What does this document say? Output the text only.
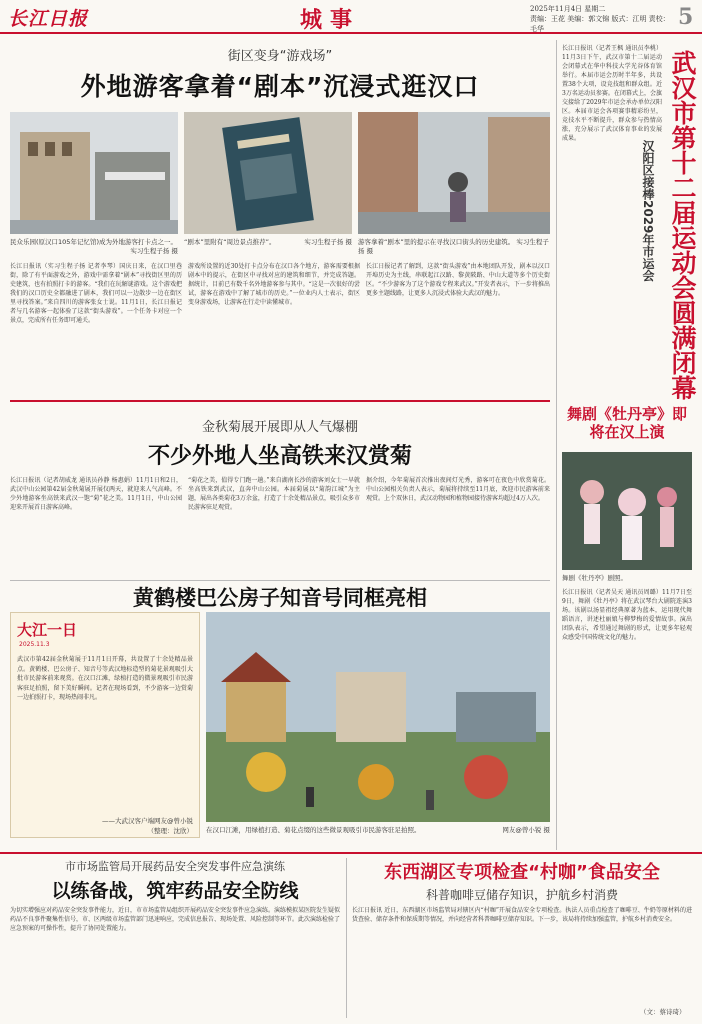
长江日报	城事	2025年11月4日 星期二
责编：王花 美编：郭文锦 版式：江明 责校：毛华	5
街区变身“游戏场”
外地游客拿着“剧本”沉浸式逛汉口
民众乐园(原汉口105年记忆馆)成为外地游客打卡点之一。
实习生程子扬 摄
“剧本”里附有“周边景点推荐”。	实习生程子扬 摄 游客拿着“剧本”里的提示在寻找汉口街头的历史建筑。 实习生程子扬 摄
长江日报讯（实习生程子扬 记者李琴）国庆日来，在汉口里巷街，除了有平面游戏之外，游戏中需拿着“剧本”寻找街区里的历史建筑，也有拍照打卡的游客。“我们在玩解谜游戏。这个游戏把我们的汉口历史全都融进了剧本，我们可以一边散步一边在街区里寻找答案。”来自四川的游客张女士说。11月1日，长江日报记者与几名游客一起体验了这款“街头游戏”。一个任务卡对应一个景点，完成所有任务即可通关。
游戏所设置的近30处打卡点分布在汉口各个地方，游客需要根据剧本中的提示，在街区中寻找对应的建筑和细节，并完成答题。据统计，目前已有数千名外地游客参与其中。“这是一次很好的尝试，游客在游戏中了解了城市的历史。”一位业内人士表示，街区变身游戏场，让游客在行走中读懂城市。
长江日报记者了解到，这款“街头游戏”由本地团队开发，剧本以汉口开埠历史为主线，串联起江汉路、黎黄陂路、中山大道等多个历史街区。“不少游客为了这个游戏专程来武汉。”开发者表示，下一步将推出更多主题线路，让更多人沉浸式体验大武汉的魅力。
金秋菊展开展即从人气爆棚
不少外地人坐高铁来汉赏菊
长江日报讯（记者胡威龙 通讯员孙静 杨惠娟）11月1日和2日，武汉中山公园第42届金秋菊展开展仅两天，就迎来人气高峰。不少外地游客坐高铁来武汉一饱“菊”花之美。11月1日，中山公园迎来开展首日游客高峰。
“菊花之美，值得专门跑一趟。”来自湖南长沙的游客刘女士一早就坐高铁来到武汉，直奔中山公园。本届菊展以“菊韵江城”为主题，展出各类菊花3万余盆，打造了十余处精品景点，吸引众多市民游客驻足观赏。
据介绍，今年菊展首次推出夜间灯光秀，游客可在夜色中欣赏菊花。中山公园相关负责人表示，菊展将持续至11月底，欢迎市民游客前来观赏。上个双休日，武汉动物园和植物园接待游客均超过4万人次。
黄鹤楼巴公房子知音号同框亮相
大江一日
2025.11.3
武汉市第42届金秋菊展于11月1日开幕，共设置了十余处精品景点。黄鹤楼、巴公房子、知音号等武汉地标造型的菊花景观吸引大批市民游客前来观赏。在汉口江滩，绿植打造的微景观吸引市民游客驻足拍照，留下美好瞬间。记者在现场看到，不少游客一边赏菊一边拍照打卡，现场热闹非凡。
——大武汉客户端网友@曾小锐
（整理：沈欣） 在汉口江滩，用绿植打造、菊花点缀的这些微景观吸引市民游客驻足拍照。	网友@曾小锐 摄
长江日报讯（记者王枫 通讯员李桃）11月3日下午，武汉市第十二届运动会闭幕式在华中科技大学光谷体育馆举行。本届市运会历时半年多，共设置38个大项，设竞技组和群众组。近3万名运动员参赛。在闭幕式上，会旗交接给了2029年市运会承办单位汉阳区。本届市运会各项赛事精彩纷呈，竞技水平不断提升，群众参与热情高涨，充分展示了武汉体育事业的发展成果。	武汉市第十二届运动会圆满闭幕
汉阳区接棒2029年市运会
舞剧《牡丹亭》即将在汉上演
舞剧《牡丹亭》剧照。
长江日报讯（记者吴天 通讯员周璐）11月7日至9日，舞剧《牡丹亭》将在武汉琴台大剧院连演3场。该剧以汤显祖经典原著为蓝本，运用现代舞蹈语言，讲述杜丽娘与柳梦梅的爱情故事。演出团队表示，希望通过舞剧的形式，让更多年轻观众感受中国传统文化的魅力。
市市场监管局开展药品安全突发事件应急演练
以练备战，筑牢药品安全防线
为切实增强应对药品安全突发事件能力，近日，市市场监管局组织开展药品安全突发事件应急演练。演练模拟某医院发生疑似药品不良事件聚集性信号，市、区两级市场监管部门迅速响应，完成信息报告、现场处置、风险控制等环节。此次演练检验了应急预案的可操作性，提升了协同处置能力。
东西湖区专项检查“村咖”食品安全
科普咖啡豆储存知识，护航乡村消费
长江日报讯 近日，东西湖区市场监管局对辖区内“村咖”开展食品安全专项检查。执法人员重点检查了咖啡豆、牛奶等原材料的进货查验、储存条件和保质期等情况，并向经营者科普咖啡豆储存知识。下一步，该局将持续加强监管，护航乡村消费安全。
（文：蔡诗琦）
